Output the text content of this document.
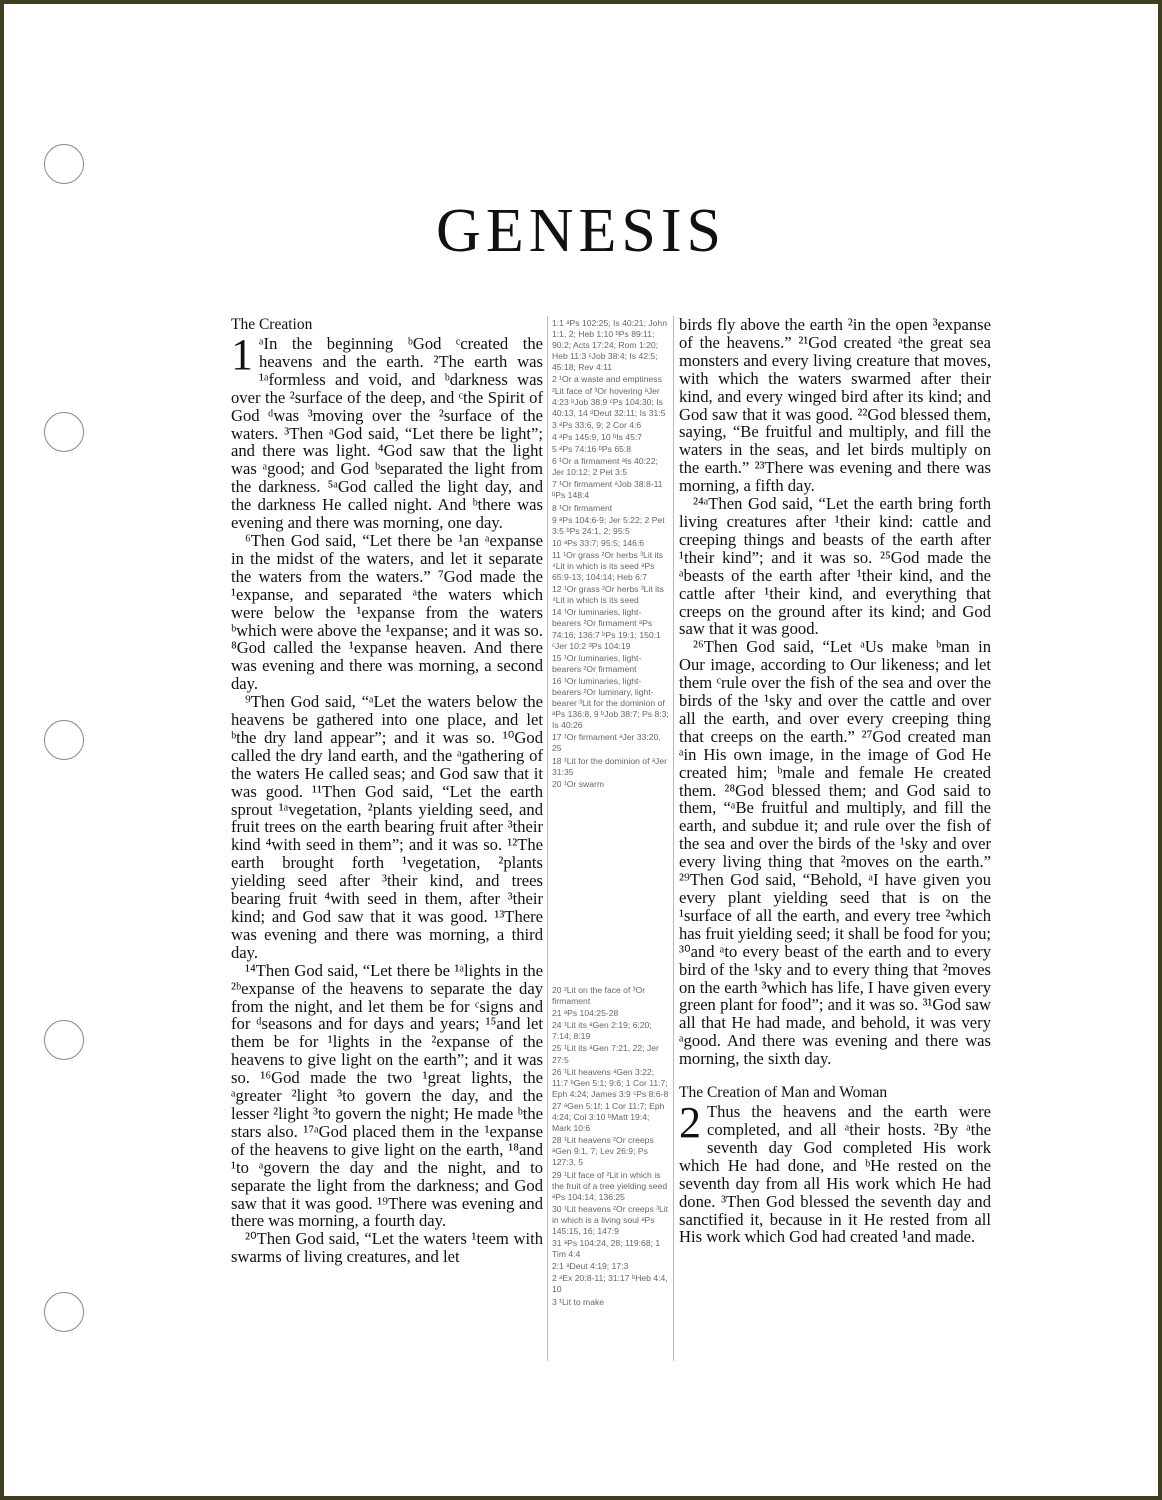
GENESIS
The Creation

1 ᵃIn the beginning ᵇGod ᶜcreated the heavens and the earth. ²The earth was ¹ᵃformless and void, and ᵇdarkness was over the ²surface of the deep, and ᶜthe Spirit of God ᵈwas ³moving over the ²surface of the waters. ³Then ᵃGod said, “Let there be light”; and there was light. ⁴God saw that the light was ᵃgood; and God ᵇseparated the light from the darkness. ⁵ᵃGod called the light day, and the darkness He called night. And ᵇthere was evening and there was morning, one day.

⁶Then God said, “Let there be ¹an ᵃexpanse in the midst of the waters, and let it separate the waters from the waters.” ⁷God made the ¹expanse, and separated ᵃthe waters which were below the ¹expanse from the waters ᵇwhich were above the ¹expanse; and it was so. ⁸God called the ¹expanse heaven. And there was evening and there was morning, a second day.

⁹Then God said, “ᵃLet the waters below the heavens be gathered into one place, and let ᵇthe dry land appear”; and it was so. ¹⁰God called the dry land earth, and the ᵃgathering of the waters He called seas; and God saw that it was good. ¹¹Then God said, “Let the earth sprout ¹ᵃvegetation, ²plants yielding seed, and fruit trees on the earth bearing fruit after ³their kind ⁴with seed in them”; and it was so. ¹²The earth brought forth ¹vegetation, ²plants yielding seed after ³their kind, and trees bearing fruit ⁴with seed in them, after ³their kind; and God saw that it was good. ¹³There was evening and there was morning, a third day.

¹⁴Then God said, “Let there be ¹ᵃlights in the ²ᵇexpanse of the heavens to separate the day from the night, and let them be for ᶜsigns and for ᵈseasons and for days and years; ¹⁵and let them be for ¹lights in the ²expanse of the heavens to give light on the earth”; and it was so. ¹⁶God made the two ¹great lights, the ᵃgreater ²light ³to govern the day, and the lesser ²light ³to govern the night; He made ᵇthe stars also. ¹⁷ᵃGod placed them in the ¹expanse of the heavens to give light on the earth, ¹⁸and ¹to ᵃgovern the day and the night, and to separate the light from the darkness; and God saw that it was good. ¹⁹There was evening and there was morning, a fourth day.

²⁰Then God said, “Let the waters ¹teem with swarms of living creatures, and let

1:1 ᵃPs 102:25; Is 40:21; John 1:1, 2; Heb 1:10 ᵇPs 89:11; 90:2; Acts 17:24; Rom 1:20; Heb 11:3 ᶜJob 38:4; Is 42:5; 45:18; Rev 4:11

2 ¹Or a waste and emptiness ²Lit face of ³Or hovering ᵃJer 4:23 ᵇJob 38:9 ᶜPs 104:30; Is 40:13, 14 ᵈDeut 32:11; Is 31:5

3 ᵃPs 33:6, 9; 2 Cor 4:6

4 ᵃPs 145:9, 10 ᵇIs 45:7

5 ᵃPs 74:16 ᵇPs 65:8

6 ¹Or a firmament ᵃIs 40:22; Jer 10:12; 2 Pet 3:5

7 ¹Or firmament ᵃJob 38:8-11 ᵇPs 148:4

8 ¹Or firmament

9 ᵃPs 104:6-9; Jer 5:22; 2 Pet 3:5 ᵇPs 24:1, 2; 95:5

10 ᵃPs 33:7; 95:5; 146:6

11 ¹Or grass ²Or herbs ³Lit its ⁴Lit in which is its seed ᵃPs 65:9-13; 104:14; Heb 6:7

12 ¹Or grass ²Or herbs ³Lit its ⁴Lit in which is its seed

14 ¹Or luminaries, light-bearers ²Or firmament ᵃPs 74:16; 136:7 ᵇPs 19:1; 150:1 ᶜJer 10:2 ᵈPs 104:19

15 ¹Or luminaries, light-bearers ²Or firmament

16 ¹Or luminaries, light-bearers ²Or luminary, light-bearer ³Lit for the dominion of ᵃPs 136:8, 9 ᵇJob 38:7; Ps 8:3; Is 40:26

17 ¹Or firmament ᵃJer 33:20, 25

18 ¹Lit for the dominion of ᵃJer 31:35

20 ¹Or swarm

20 ²Lit on the face of ³Or firmament

21 ᵃPs 104:25-28

24 ¹Lit its ᵃGen 2:19; 6:20; 7:14; 8:19

25 ¹Lit its ᵃGen 7:21, 22; Jer 27:5

26 ¹Lit heavens ᵃGen 3:22; 11:7 ᵇGen 5:1; 9:6; 1 Cor 11:7; Eph 4:24; James 3:9 ᶜPs 8:6-8

27 ᵃGen 5:1f; 1 Cor 11:7; Eph 4:24; Col 3:10 ᵇMatt 19:4; Mark 10:6

28 ¹Lit heavens ²Or creeps ᵃGen 9:1, 7; Lev 26:9; Ps 127:3, 5

29 ¹Lit face of ²Lit in which is the fruit of a tree yielding seed ᵃPs 104:14; 136:25

30 ¹Lit heavens ²Or creeps ³Lit in which is a living soul ᵃPs 145:15, 16; 147:9

31 ᵃPs 104:24, 28; 119:68; 1 Tim 4:4

2:1 ᵃDeut 4:19; 17:3

2 ᵃEx 20:8-11; 31:17 ᵇHeb 4:4, 10

3 ¹Lit to make

birds fly above the earth ²in the open ³expanse of the heavens.” ²¹God created ᵃthe great sea monsters and every living creature that moves, with which the waters swarmed after their kind, and every winged bird after its kind; and God saw that it was good. ²²God blessed them, saying, “Be fruitful and multiply, and fill the waters in the seas, and let birds multiply on the earth.” ²³There was evening and there was morning, a fifth day.

²⁴ᵃThen God said, “Let the earth bring forth living creatures after ¹their kind: cattle and creeping things and beasts of the earth after ¹their kind”; and it was so. ²⁵God made the ᵃbeasts of the earth after ¹their kind, and the cattle after ¹their kind, and everything that creeps on the ground after its kind; and God saw that it was good.

²⁶Then God said, “Let ᵃUs make ᵇman in Our image, according to Our likeness; and let them ᶜrule over the fish of the sea and over the birds of the ¹sky and over the cattle and over all the earth, and over every creeping thing that creeps on the earth.” ²⁷God created man ᵃin His own image, in the image of God He created him; ᵇmale and female He created them. ²⁸God blessed them; and God said to them, “ᵃBe fruitful and multiply, and fill the earth, and subdue it; and rule over the fish of the sea and over the birds of the ¹sky and over every living thing that ²moves on the earth.” ²⁹Then God said, “Behold, ᵃI have given you every plant yielding seed that is on the ¹surface of all the earth, and every tree ²which has fruit yielding seed; it shall be food for you; ³⁰and ᵃto every beast of the earth and to every bird of the ¹sky and to every thing that ²moves on the earth ³which has life, I have given every green plant for food”; and it was so. ³¹God saw all that He had made, and behold, it was very ᵃgood. And there was evening and there was morning, the sixth day.

The Creation of Man and Woman

2 Thus the heavens and the earth were completed, and all ᵃtheir hosts. ²By ᵃthe seventh day God completed His work which He had done, and ᵇHe rested on the seventh day from all His work which He had done. ³Then God blessed the seventh day and sanctified it, because in it He rested from all His work which God had created ¹and made.
